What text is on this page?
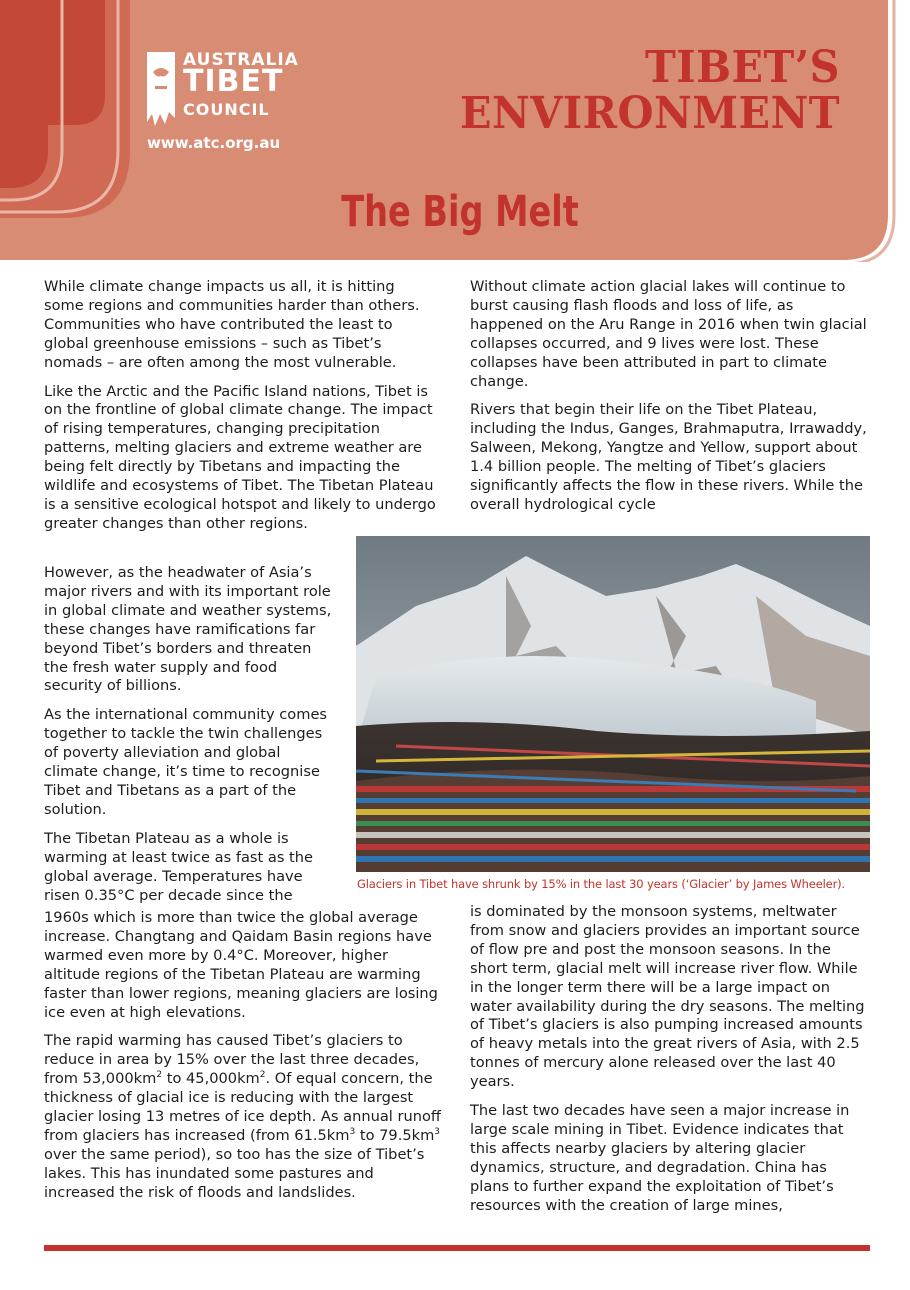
AUSTRALIA
TIBET
COUNCIL
www.atc.org.au
TIBET’S ENVIRONMENT
The Big Melt

While climate change impacts us all, it is hitting some regions and communities harder than others. Communities who have contributed the least to global greenhouse emissions – such as Tibet’s nomads – are often among the most vulnerable.

Like the Arctic and the Pacific Island nations, Tibet is on the frontline of global climate change. The impact of rising temperatures, changing precipitation patterns, melting glaciers and extreme weather are being felt directly by Tibetans and impacting the wildlife and ecosystems of Tibet. The Tibetan Plateau is a sensitive ecological hotspot and likely to undergo greater changes than other regions.

Without climate action glacial lakes will continue to burst causing flash floods and loss of life, as happened on the Aru Range in 2016 when twin glacial collapses occurred, and 9 lives were lost. These collapses have been attributed in part to climate change.

Rivers that begin their life on the Tibet Plateau, including the Indus, Ganges, Brahmaputra, Irrawaddy, Salween, Mekong, Yangtze and Yellow, support about 1.4 billion people. The melting of Tibet’s glaciers significantly affects the flow in these rivers. While the overall hydrological cycle

Glaciers in Tibet have shrunk by 15% in the last 30 years (‘Glacier’ by James Wheeler).

However, as the headwater of Asia’s major rivers and with its important role in global climate and weather systems, these changes have ramifications far beyond Tibet’s borders and threaten the fresh water supply and food security of billions.

As the international community comes together to tackle the twin challenges of poverty alleviation and global climate change, it’s time to recognise Tibet and Tibetans as a part of the solution.

The Tibetan Plateau as a whole is warming at least twice as fast as the global average. Temperatures have risen 0.35°C per decade since the

1960s which is more than twice the global average increase. Changtang and Qaidam Basin regions have warmed even more by 0.4°C. Moreover, higher altitude regions of the Tibetan Plateau are warming faster than lower regions, meaning glaciers are losing ice even at high elevations.

The rapid warming has caused Tibet’s glaciers to reduce in area by 15% over the last three decades, from $53,000km^2$ to $45,000km^2$. Of equal concern, the thickness of glacial ice is reducing with the largest glacier losing 13 metres of ice depth. As annual runoff from glaciers has increased (from $61.5km^3$ to $79.5km^3$ over the same period), so too has the size of Tibet’s lakes. This has inundated some pastures and increased the risk of floods and landslides.

is dominated by the monsoon systems, meltwater from snow and glaciers provides an important source of flow pre and post the monsoon seasons. In the short term, glacial melt will increase river flow. While in the longer term there will be a large impact on water availability during the dry seasons. The melting of Tibet’s glaciers is also pumping increased amounts of heavy metals into the great rivers of Asia, with 2.5 tonnes of mercury alone released over the last 40 years.

The last two decades have seen a major increase in large scale mining in Tibet. Evidence indicates that this affects nearby glaciers by altering glacier dynamics, structure, and degradation. China has plans to further expand the exploitation of Tibet’s resources with the creation of large mines,
